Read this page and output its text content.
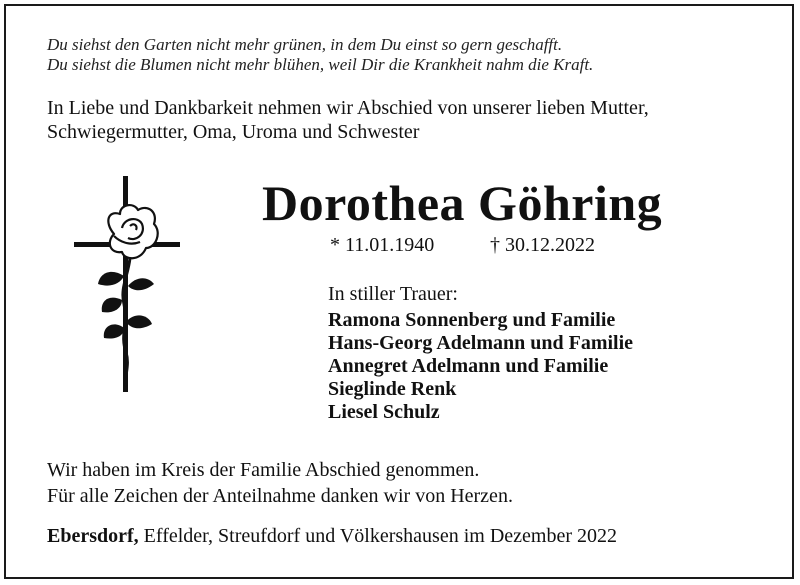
Du siehst den Garten nicht mehr grünen, in dem Du einst so gern geschafft.
Du siehst die Blumen nicht mehr blühen, weil Dir die Krankheit nahm die Kraft.
In Liebe und Dankbarkeit nehmen wir Abschied von unserer lieben Mutter,
Schwiegermutter, Oma, Uroma und Schwester
Dorothea Göhring
* 11.01.1940	† 30.12.2022
In stiller Trauer:
Ramona Sonnenberg und Familie
Hans-Georg Adelmann und Familie
Annegret Adelmann und Familie
Sieglinde Renk
Liesel Schulz
Wir haben im Kreis der Familie Abschied genommen.
Für alle Zeichen der Anteilnahme danken wir von Herzen.
Ebersdorf, Effelder, Streufdorf und Völkershausen im Dezember 2022
